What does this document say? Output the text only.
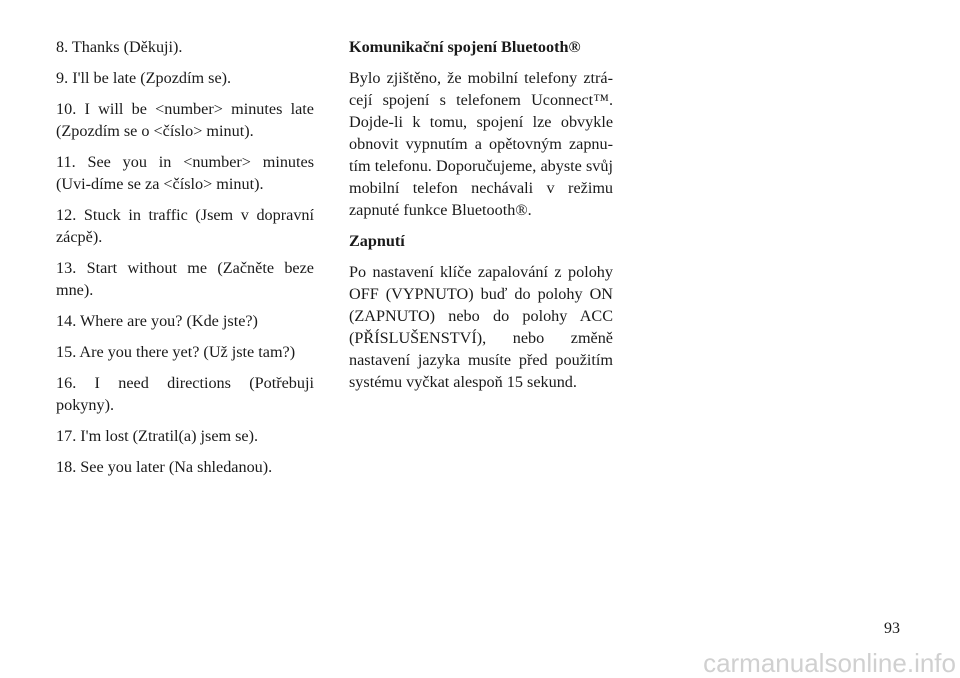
8. Thanks (Děkuji).

9. I'll be late (Zpozdím se).

10. I will be <number> minutes late (Zpozdím se o <číslo> minut).

11. See you in <number> minutes (Uvi-díme se za <číslo> minut).

12. Stuck in traffic (Jsem v dopravní zácpě).

13. Start without me (Začněte beze mne).

14. Where are you? (Kde jste?)

15. Are you there yet? (Už jste tam?)

16. I need directions (Potřebuji pokyny).

17. I'm lost (Ztratil(a) jsem se).

18. See you later (Na shledanou).

Komunikační spojení Bluetooth®

Bylo zjištěno, že mobilní telefony ztrá-cejí spojení s telefonem Uconnect™. Dojde-li k tomu, spojení lze obvykle obnovit vypnutím a opětovným zapnu-tím telefonu. Doporučujeme, abyste svůj mobilní telefon nechávali v režimu zapnuté funkce Bluetooth®.

Zapnutí

Po nastavení klíče zapalování z polohy OFF (VYPNUTO) buď do polohy ON (ZAPNUTO) nebo do polohy ACC (PŘÍSLUŠENSTVÍ), nebo změně nastavení jazyka musíte před použitím systému vyčkat alespoň 15 sekund.

93
carmanualsonline.info
